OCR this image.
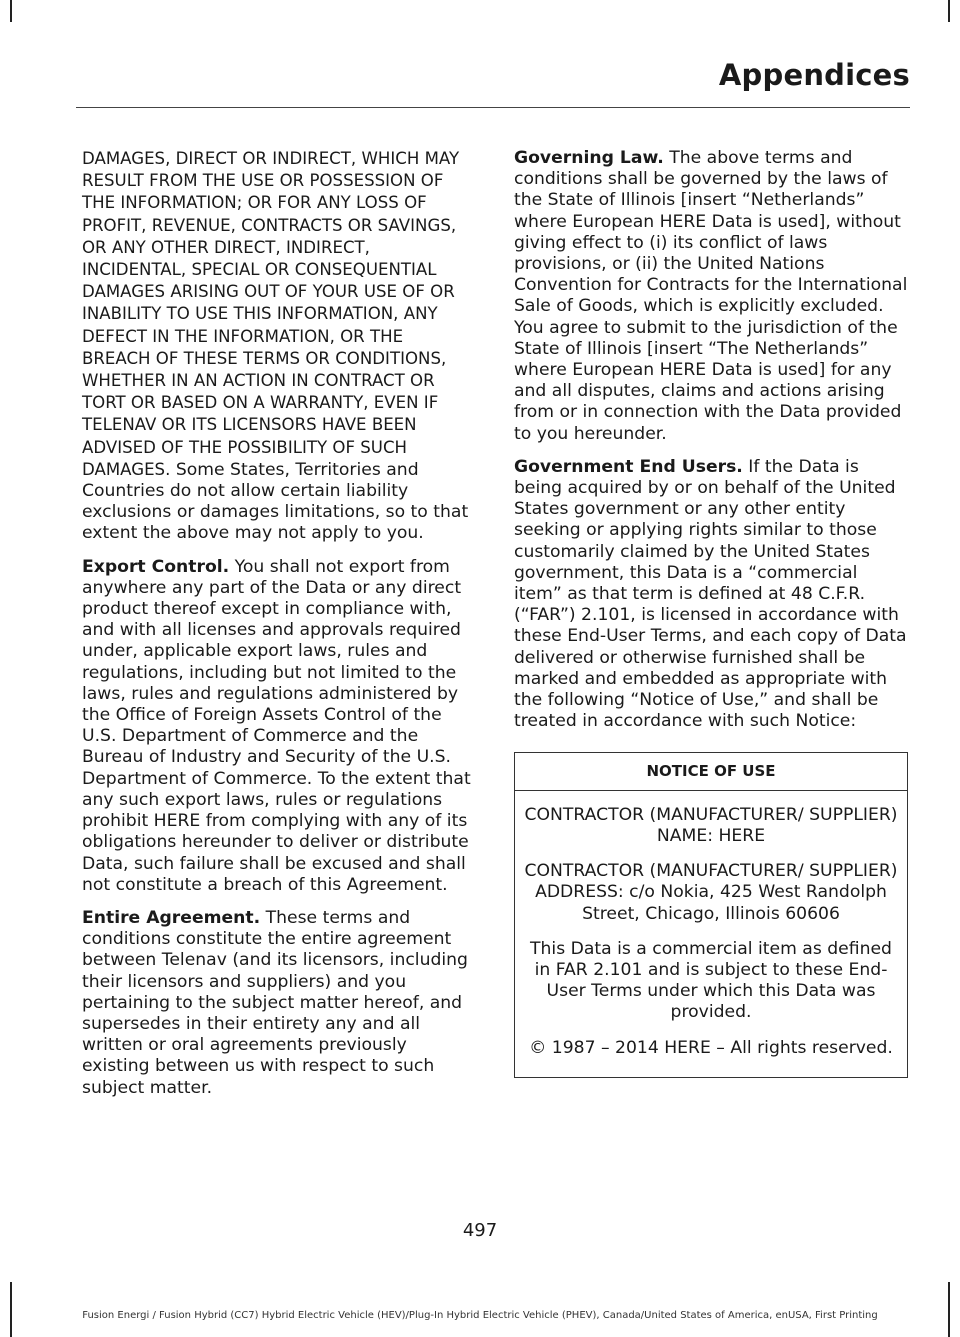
Appendices

DAMAGES, DIRECT OR INDIRECT, WHICH MAY RESULT FROM THE USE OR POSSESSION OF THE INFORMATION; OR FOR ANY LOSS OF PROFIT, REVENUE, CONTRACTS OR SAVINGS, OR ANY OTHER DIRECT, INDIRECT, INCIDENTAL, SPECIAL OR CONSEQUENTIAL DAMAGES ARISING OUT OF YOUR USE OF OR INABILITY TO USE THIS INFORMATION, ANY DEFECT IN THE INFORMATION, OR THE BREACH OF THESE TERMS OR CONDITIONS, WHETHER IN AN ACTION IN CONTRACT OR TORT OR BASED ON A WARRANTY, EVEN IF TELENAV OR ITS LICENSORS HAVE BEEN ADVISED OF THE POSSIBILITY OF SUCH DAMAGES. Some States, Territories and Countries do not allow certain liability exclusions or damages limitations, so to that extent the above may not apply to you.

Export Control. You shall not export from anywhere any part of the Data or any direct product thereof except in compliance with, and with all licenses and approvals required under, applicable export laws, rules and regulations, including but not limited to the laws, rules and regulations administered by the Office of Foreign Assets Control of the U.S. Department of Commerce and the Bureau of Industry and Security of the U.S. Department of Commerce. To the extent that any such export laws, rules or regulations prohibit HERE from complying with any of its obligations hereunder to deliver or distribute Data, such failure shall be excused and shall not constitute a breach of this Agreement.

Entire Agreement. These terms and conditions constitute the entire agreement between Telenav (and its licensors, including their licensors and suppliers) and you pertaining to the subject matter hereof, and supersedes in their entirety any and all written or oral agreements previously existing between us with respect to such subject matter.

Governing Law. The above terms and conditions shall be governed by the laws of the State of Illinois [insert “Netherlands” where European HERE Data is used], without giving effect to (i) its conflict of laws provisions, or (ii) the United Nations Convention for Contracts for the International Sale of Goods, which is explicitly excluded. You agree to submit to the jurisdiction of the State of Illinois [insert “The Netherlands” where European HERE Data is used] for any and all disputes, claims and actions arising from or in connection with the Data provided to you hereunder.

Government End Users. If the Data is being acquired by or on behalf of the United States government or any other entity seeking or applying rights similar to those customarily claimed by the United States government, this Data is a “commercial item” as that term is defined at 48 C.F.R. (“FAR”) 2.101, is licensed in accordance with these End-User Terms, and each copy of Data delivered or otherwise furnished shall be marked and embedded as appropriate with the following “Notice of Use,” and shall be treated in accordance with such Notice:

NOTICE OF USE

CONTRACTOR (MANUFACTURER/ SUPPLIER) NAME: HERE

CONTRACTOR (MANUFACTURER/ SUPPLIER) ADDRESS: c/o Nokia, 425 West Randolph Street, Chicago, Illinois 60606

This Data is a commercial item as defined in FAR 2.101 and is subject to these End-User Terms under which this Data was provided.

© 1987 – 2014 HERE – All rights reserved.

497
Fusion Energi / Fusion Hybrid (CC7) Hybrid Electric Vehicle (HEV)/Plug-In Hybrid Electric Vehicle (PHEV), Canada/United States of America, enUSA, First Printing
